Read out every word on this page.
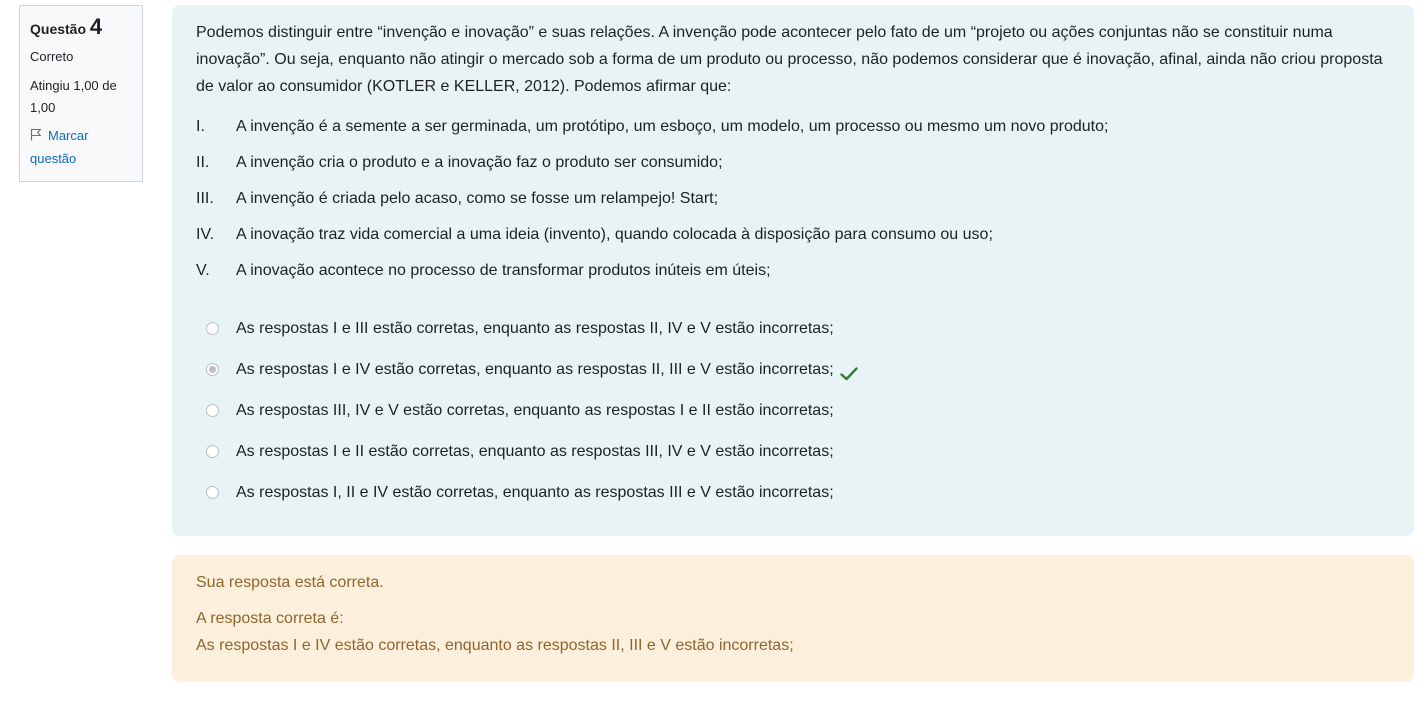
Questão 4
Correto
Atingiu 1,00 de 1,00
Marcar questão

Podemos distinguir entre “invenção e inovação” e suas relações. A invenção pode acontecer pelo fato de um “projeto ou ações conjuntas não se constituir numa inovação”. Ou seja, enquanto não atingir o mercado sob a forma de um produto ou processo, não podemos considerar que é inovação, afinal, ainda não criou proposta de valor ao consumidor (KOTLER e KELLER, 2012). Podemos afirmar que:

I.	A invenção é a semente a ser germinada, um protótipo, um esboço, um modelo, um processo ou mesmo um novo produto;
II.	A invenção cria o produto e a inovação faz o produto ser consumido;
III.	A invenção é criada pelo acaso, como se fosse um relampejo! Start;
IV.	A inovação traz vida comercial a uma ideia (invento), quando colocada à disposição para consumo ou uso;
V.	A inovação acontece no processo de transformar produtos inúteis em úteis;
As respostas I e III estão corretas, enquanto as respostas II, IV e V estão incorretas;
As respostas I e IV estão corretas, enquanto as respostas II, III e V estão incorretas;
As respostas III, IV e V estão corretas, enquanto as respostas I e II estão incorretas;
As respostas I e II estão corretas, enquanto as respostas III, IV e V estão incorretas;
As respostas I, II e IV estão corretas, enquanto as respostas III e V estão incorretas;
Sua resposta está correta.
A resposta correta é:
As respostas I e IV estão corretas, enquanto as respostas II, III e V estão incorretas;
